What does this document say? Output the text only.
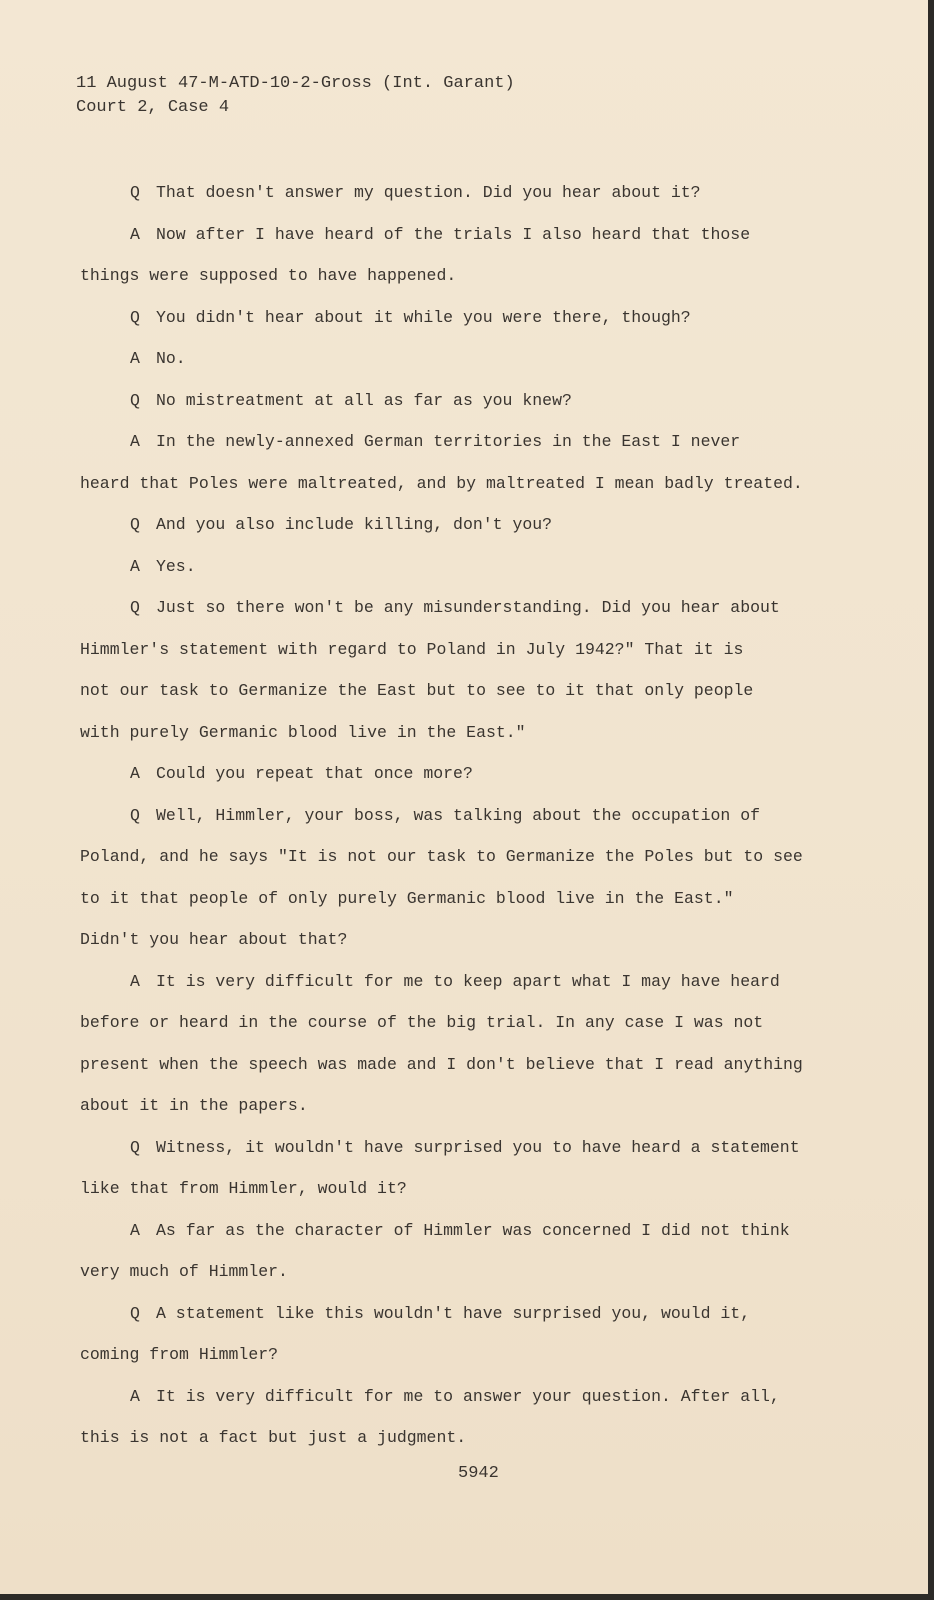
11 August 47-M-ATD-10-2-Gross (Int. Garant)
Court 2, Case 4
Q That doesn't answer my question. Did you hear about it?
A Now after I have heard of the trials I also heard that those
things were supposed to have happened.
Q You didn't hear about it while you were there, though?
A No.
Q No mistreatment at all as far as you knew?
A In the newly-annexed German territories in the East I never
heard that Poles were maltreated, and by maltreated I mean badly treated.
Q And you also include killing, don't you?
A Yes.
Q Just so there won't be any misunderstanding. Did you hear about
Himmler's statement with regard to Poland in July 1942?" That it is
not our task to Germanize the East but to see to it that only people
with purely Germanic blood live in the East."
A Could you repeat that once more?
Q Well, Himmler, your boss, was talking about the occupation of
Poland, and he says "It is not our task to Germanize the Poles but to see
to it that people of only purely Germanic blood live in the East."
Didn't you hear about that?
A It is very difficult for me to keep apart what I may have heard
before or heard in the course of the big trial. In any case I was not
present when the speech was made and I don't believe that I read anything
about it in the papers.
Q Witness, it wouldn't have surprised you to have heard a statement
like that from Himmler, would it?
A As far as the character of Himmler was concerned I did not think
very much of Himmler.
Q A statement like this wouldn't have surprised you, would it,
coming from Himmler?
A It is very difficult for me to answer your question. After all,
this is not a fact but just a judgment.
5942
